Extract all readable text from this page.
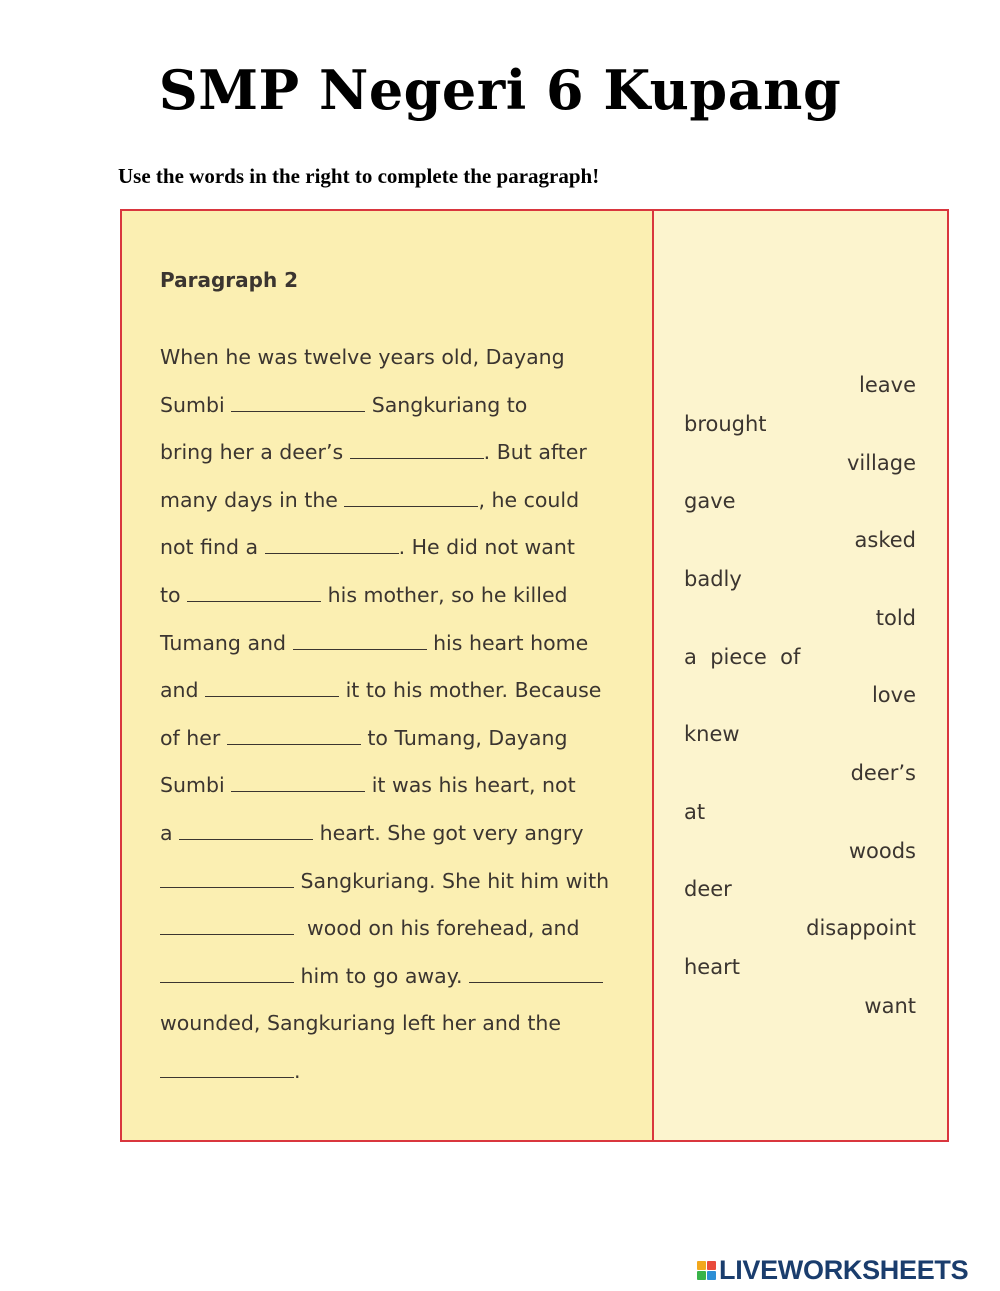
SMP Negeri 6 Kupang
Use the words in the right to complete the paragraph!
Paragraph 2
When he was twelve years old, Dayang
Sumbi	Sangkuriang to
bring her a deer’s	. But after
many days in the	, he could
not find a	. He did not want
to	his mother, so he killed
Tumang and	his heart home
and	it to his mother. Because
of her	to Tumang, Dayang
Sumbi	it was his heart, not
a	heart. She got very angry
Sangkuriang. She hit him with
wood on his forehead, and
him to go away.
wounded, Sangkuriang left her and the
.
leave
brought
village
gave
asked
badly
told
a  piece  of
love
knew
deer’s
at
woods
deer
disappoint
heart
want
LIVEWORKSHEETS
